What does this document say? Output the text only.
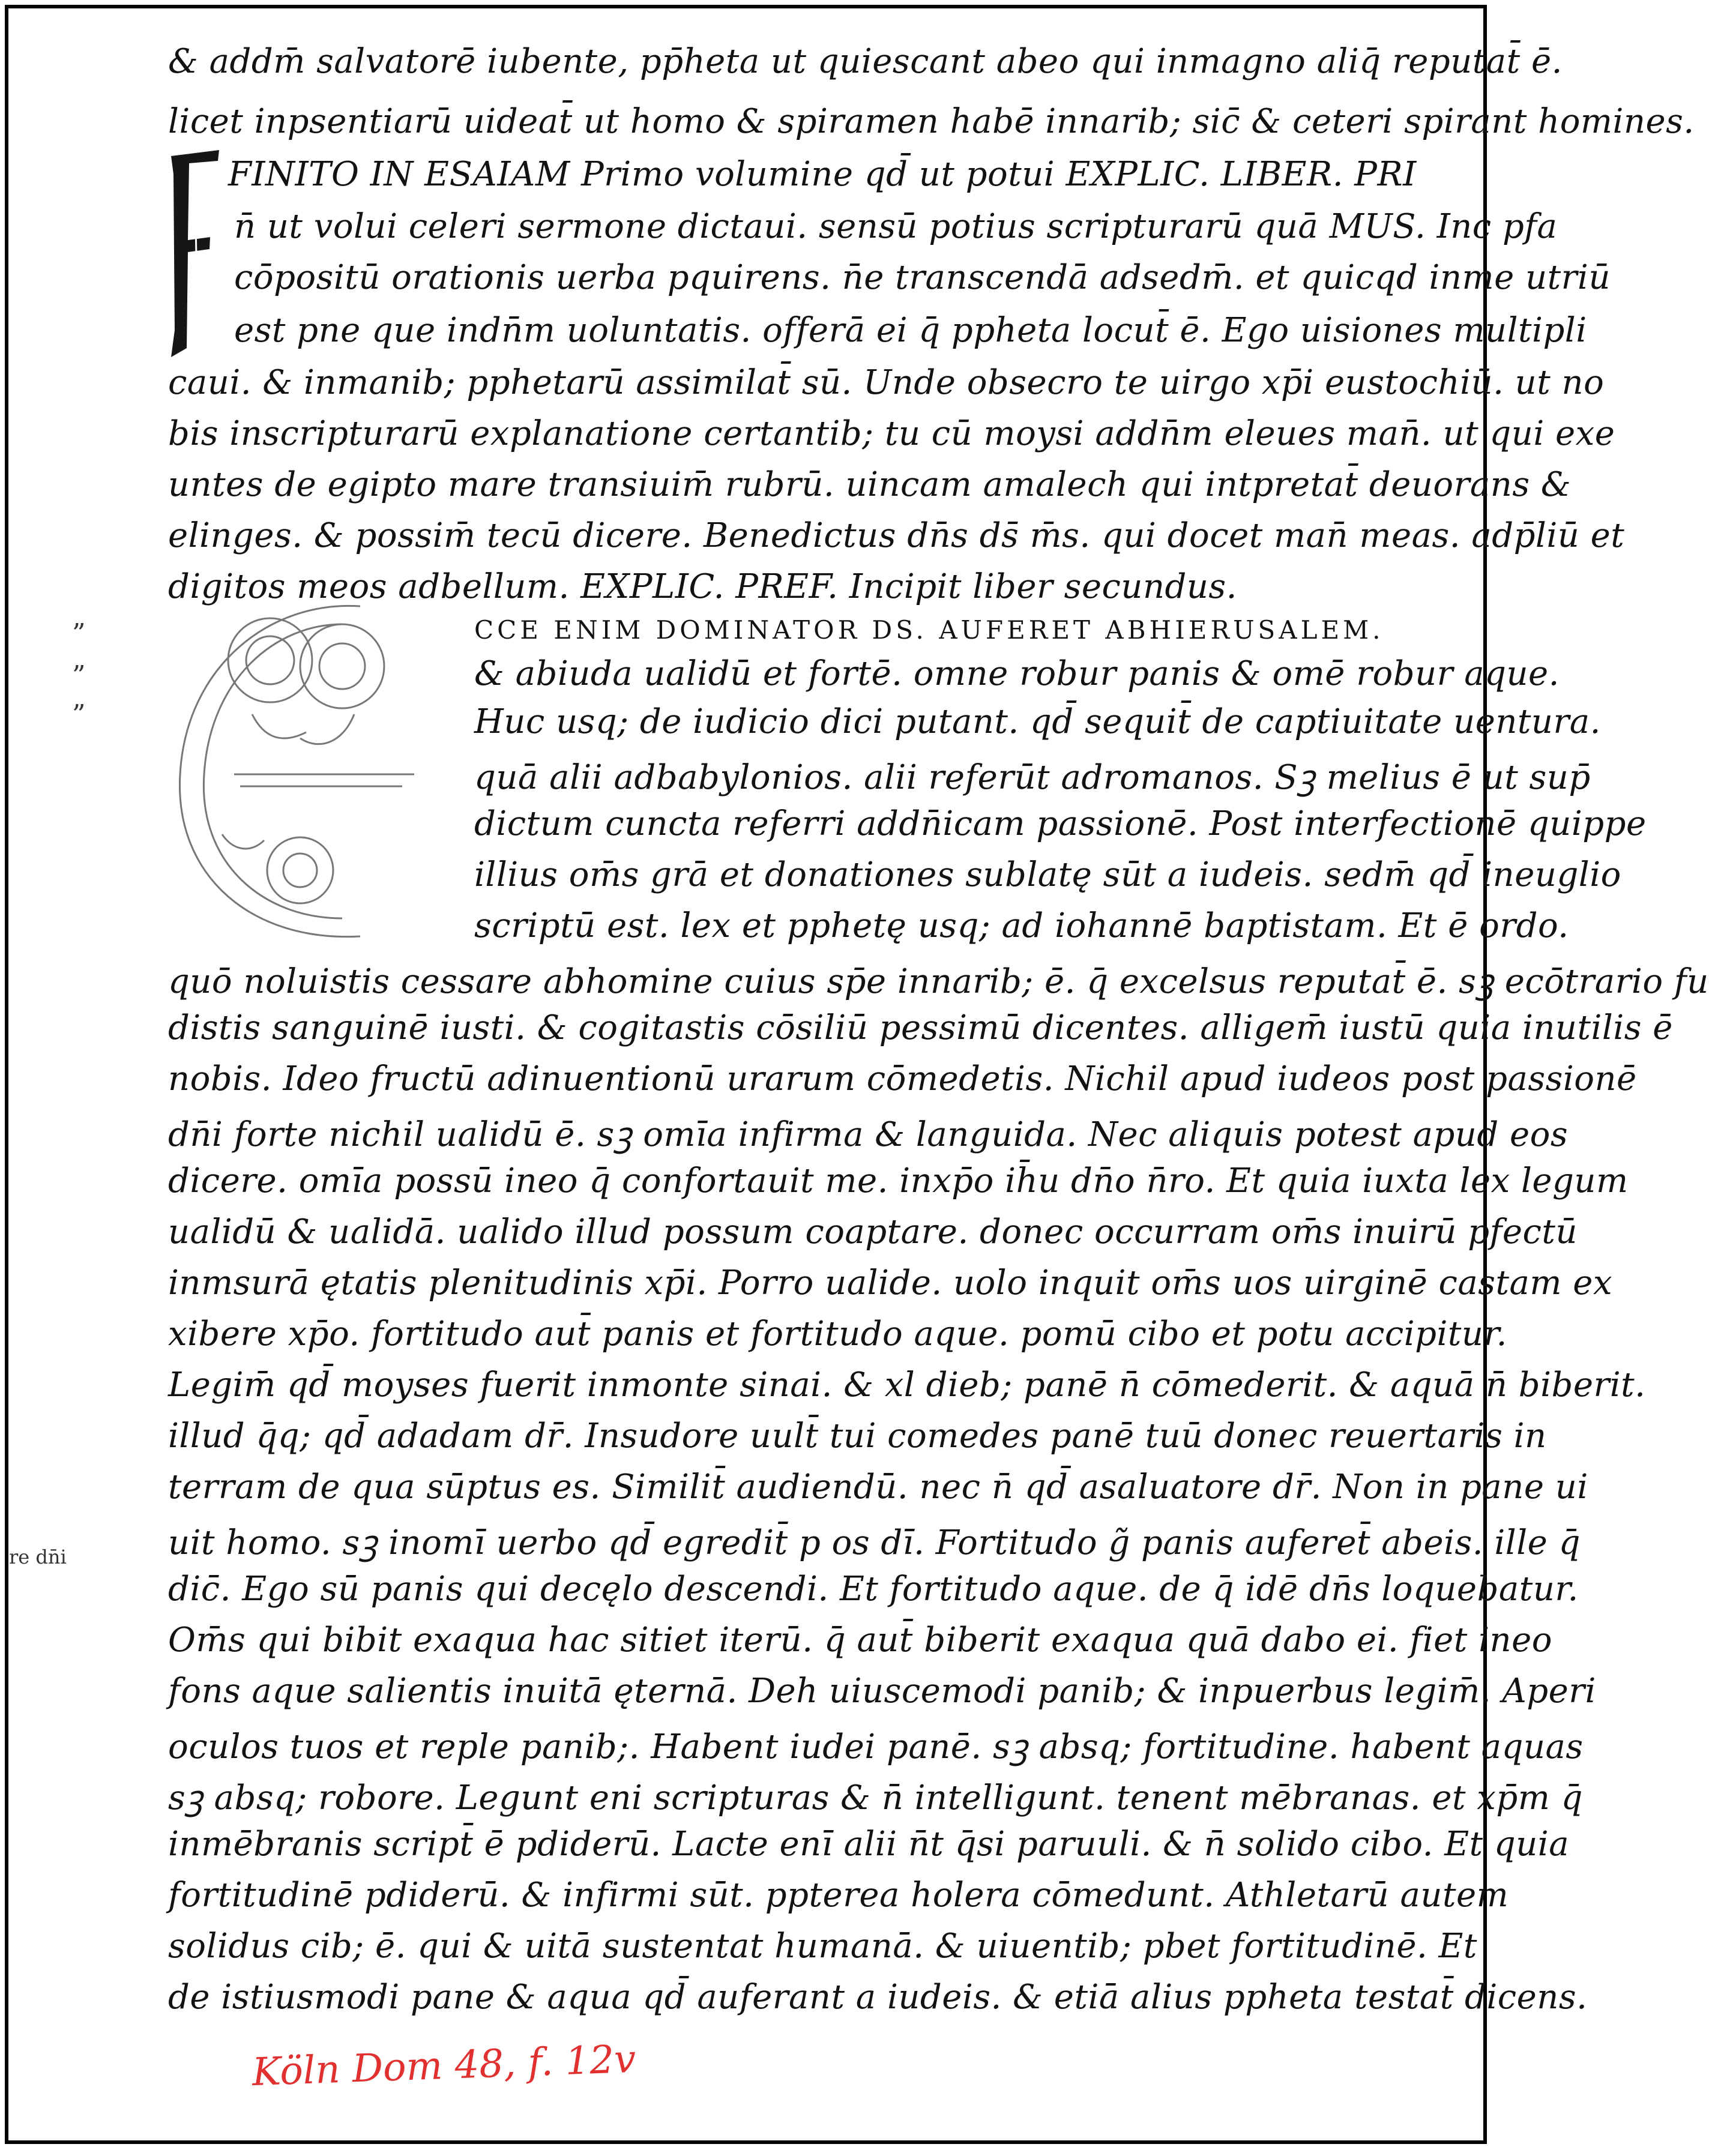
& addm̄ salvatorē iubente, pp̄heta ut quiescant abeo qui inmagno aliq̄ reputat̄ ē.
licet inpsentiarū uideat̄ ut homo & spiramen habē innarib; sic̄ & ceteri spirant homines.
FINITO IN ESAIAM Primo volumine qd̄ ut potui EXPLIC. LIBER. PRI
n̄ ut volui celeri sermone dictaui. sensū potius scripturarū quā MUS. Inc pfa
cōpositū orationis uerba pquirens. n̄e transcendā adsedm̄. et quicqd inme utriū
est pne que indn̄m uoluntatis. offerā ei q̄ ppheta locut̄ ē. Ego uisiones multipli
caui. & inmanib; pphetarū assimilat̄ sū. Unde obsecro te uirgo xp̄i eustochiū. ut no
bis inscripturarū explanatione certantib; tu cū moysi addn̄m eleues man̄. ut qui exe
untes de egipto mare transiuim̄ rubrū. uincam amalech qui intpretat̄ deuorans &
elinges. & possim̄ tecū dicere. Benedictus dn̄s ds̄ m̄s. qui docet man̄ meas. adp̄liū et
digitos meos adbellum. EXPLIC. PREF. Incipit liber secundus.
CCE ENIM DOMINATOR DS. AUFERET ABHIERUSALEM.
& abiuda ualidū et fortē. omne robur panis & omē robur aque.
Huc usq; de iudicio dici putant. qd̄ sequit̄ de captiuitate uentura.
quā alii adbabylonios. alii referūt adromanos. Sꝫ melius ē ut sup̄
dictum cuncta referri addn̄icam passionē. Post interfectionē quippe
illius om̄s grā et donationes sublatę sūt a iudeis. sedm̄ qd̄ ineuglio
scriptū est. lex et pphetę usq; ad iohannē baptistam. Et ē ordo.
quō noluistis cessare abhomine cuius sp̄e innarib; ē. q̄ excelsus reputat̄ ē. sꝫ ecōtrario fu
distis sanguinē iusti. & cogitastis cōsiliū pessimū dicentes. alligem̄ iustū quia inutilis ē
nobis. Ideo fructū adinuentionū urarum cōmedetis. Nichil apud iudeos post passionē
dn̄i forte nichil ualidū ē. sꝫ omīa infirma & languida. Nec aliquis potest apud eos
dicere. omīa possū ineo q̄ confortauit me. inxp̄o ih̄u dn̄o n̄ro. Et quia iuxta lex legum
ualidū & ualidā. ualido illud possum coaptare. donec occurram om̄s inuirū pfectū
inmsurā ętatis plenitudinis xp̄i. Porro ualide. uolo inquit om̄s uos uirginē castam ex
xibere xp̄o. fortitudo aut̄ panis et fortitudo aque. pomū cibo et potu accipitur.
Legim̄ qd̄ moyses fuerit inmonte sinai. & xl dieb; panē n̄ cōmederit. & aquā n̄ biberit.
illud q̄q; qd̄ adadam dr̄. Insudore uult̄ tui comedes panē tuū donec reuertaris in
terram de qua sūptus es. Similit̄ audiendū. nec n̄ qd̄ asaluatore dr̄. Non in pane ui
uit homo. sꝫ inomī uerbo qd̄ egredit̄ p os dī. Fortitudo g̃ panis auferet̄ abeis. ille q̄
dic̄. Ego sū panis qui decęlo descendi. Et fortitudo aque. de q̄ idē dn̄s loquebatur.
Om̄s qui bibit exaqua hac sitiet iterū. q̄ aut̄ biberit exaqua quā dabo ei. fiet ineo
fons aque salientis inuitā ęternā. Deh uiuscemodi panib; & inpuerbus legim̄. Aperi
oculos tuos et reple panib;. Habent iudei panē. sꝫ absq; fortitudine. habent aquas
sꝫ absq; robore. Legunt eni scripturas & n̄ intelligunt. tenent mēbranas. et xp̄m q̄
inmēbranis script̄ ē pdiderū. Lacte enī alii n̄t q̄si paruuli. & n̄ solido cibo. Et quia
fortitudinē pdiderū. & infirmi sūt. ppterea holera cōmedunt. Athletarū autem
solidus cib; ē. qui & uitā sustentat humanā. & uiuentib; pbet fortitudinē. Et
de istiusmodi pane & aqua qd̄ auferant a iudeis. & etiā alius ppheta testat̄ dicens.
”
”
”
re dn̄i
Köln Dom 48, f. 12v
